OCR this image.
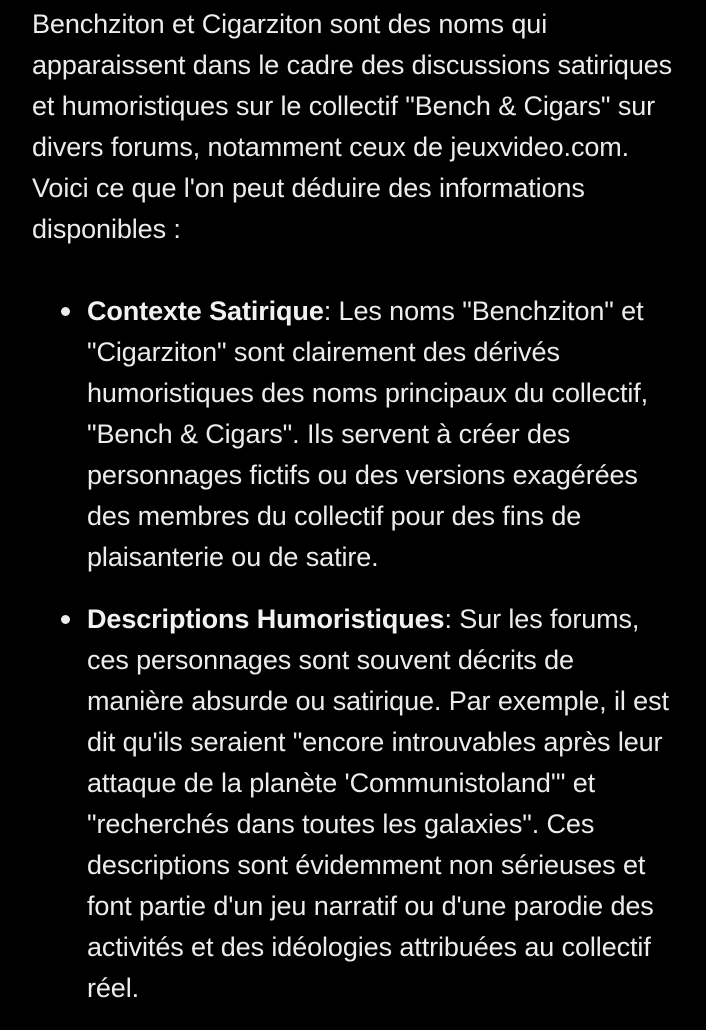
Benchziton et Cigarziton sont des noms qui apparaissent dans le cadre des discussions satiriques et humoristiques sur le collectif "Bench & Cigars" sur divers forums, notamment ceux de jeuxvideo.com. Voici ce que l'on peut déduire des informations disponibles :

Contexte Satirique: Les noms "Benchziton" et "Cigarziton" sont clairement des dérivés humoristiques des noms principaux du collectif, "Bench & Cigars". Ils servent à créer des personnages fictifs ou des versions exagérées des membres du collectif pour des fins de plaisanterie ou de satire.
Descriptions Humoristiques: Sur les forums, ces personnages sont souvent décrits de manière absurde ou satirique. Par exemple, il est dit qu'ils seraient "encore introuvables après leur attaque de la planète 'Communistoland'" et "recherchés dans toutes les galaxies". Ces descriptions sont évidemment non sérieuses et font partie d'un jeu narratif ou d'une parodie des activités et des idéologies attribuées au collectif réel.
